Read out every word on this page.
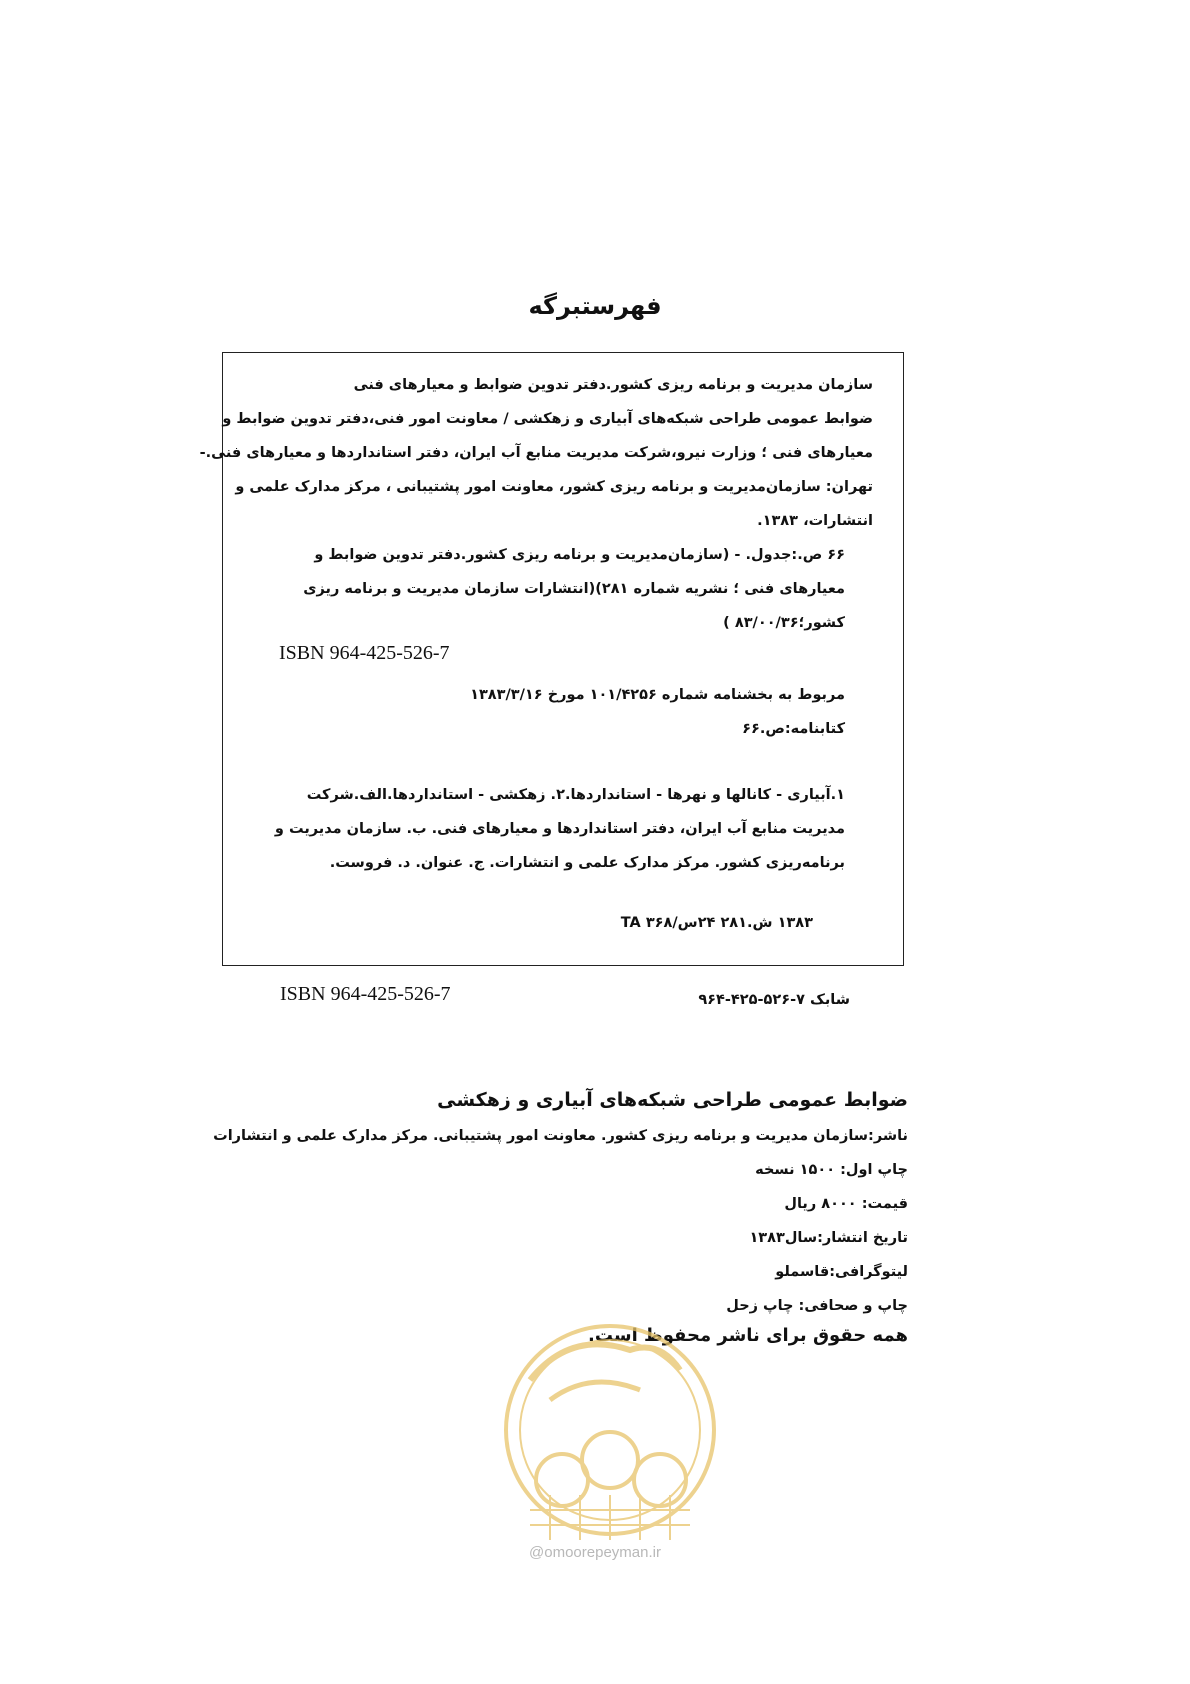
فهرستبرگه
سازمان مدیریت و برنامه ریزی کشور.دفتر تدوین ضوابط و معیارهای فنی
ضوابط عمومی طراحی شبکه‌های آبیاری و زهکشی / معاونت امور فنی،دفتر تدوین ضوابط و
معیارهای فنی ؛ وزارت نیرو،شرکت مدیریت منابع آب ایران، دفتر استانداردها و معیارهای فنی.-
تهران: سازمان‌مدیریت و برنامه ریزی کشور، معاونت امور پشتیبانی ، مرکز مدارک علمی و
انتشارات، ۱۳۸۳.
۶۶ ص.:جدول. - (سازمان‌مدیریت و برنامه ریزی کشور.دفتر تدوین ضوابط و
معیارهای فنی ؛ نشریه شماره ۲۸۱)(انتشارات سازمان مدیریت و برنامه ریزی
کشور؛۸۳/۰۰/۳۶ )
ISBN 964-425-526-7
مربوط به بخشنامه شماره ۱۰۱/۴۲۵۶ مورخ ۱۳۸۳/۳/۱۶
کتابنامه:ص.۶۶
۱.آبیاری - کانالها و نهرها - استانداردها.۲. زهکشی - استانداردها.الف.شرکت
مدیریت منابع آب ایران، دفتر استانداردها و معیارهای فنی. ب. سازمان مدیریت و
برنامه‌ریزی کشور. مرکز مدارک علمی و انتشارات. ج. عنوان. د. فروست.
۱۳۸۳ ش.۲۸۱ ۲۴س/۳۶۸ TA
ISBN 964-425-526-7	شابک ۷-۵۲۶-۴۲۵-۹۶۴
ضوابط عمومی طراحی شبکه‌های آبیاری و زهکشی
ناشر:سازمان مدیریت و برنامه ریزی کشور. معاونت امور پشتیبانی. مرکز مدارک علمی و انتشارات
چاپ اول: ۱۵۰۰ نسخه
قیمت: ۸۰۰۰ ریال
تاریخ انتشار:سال۱۳۸۳
لیتوگرافی:قاسملو
چاپ و صحافی: چاپ زحل
همه حقوق برای ناشر محفوظ است.
@omoorepeyman.ir
